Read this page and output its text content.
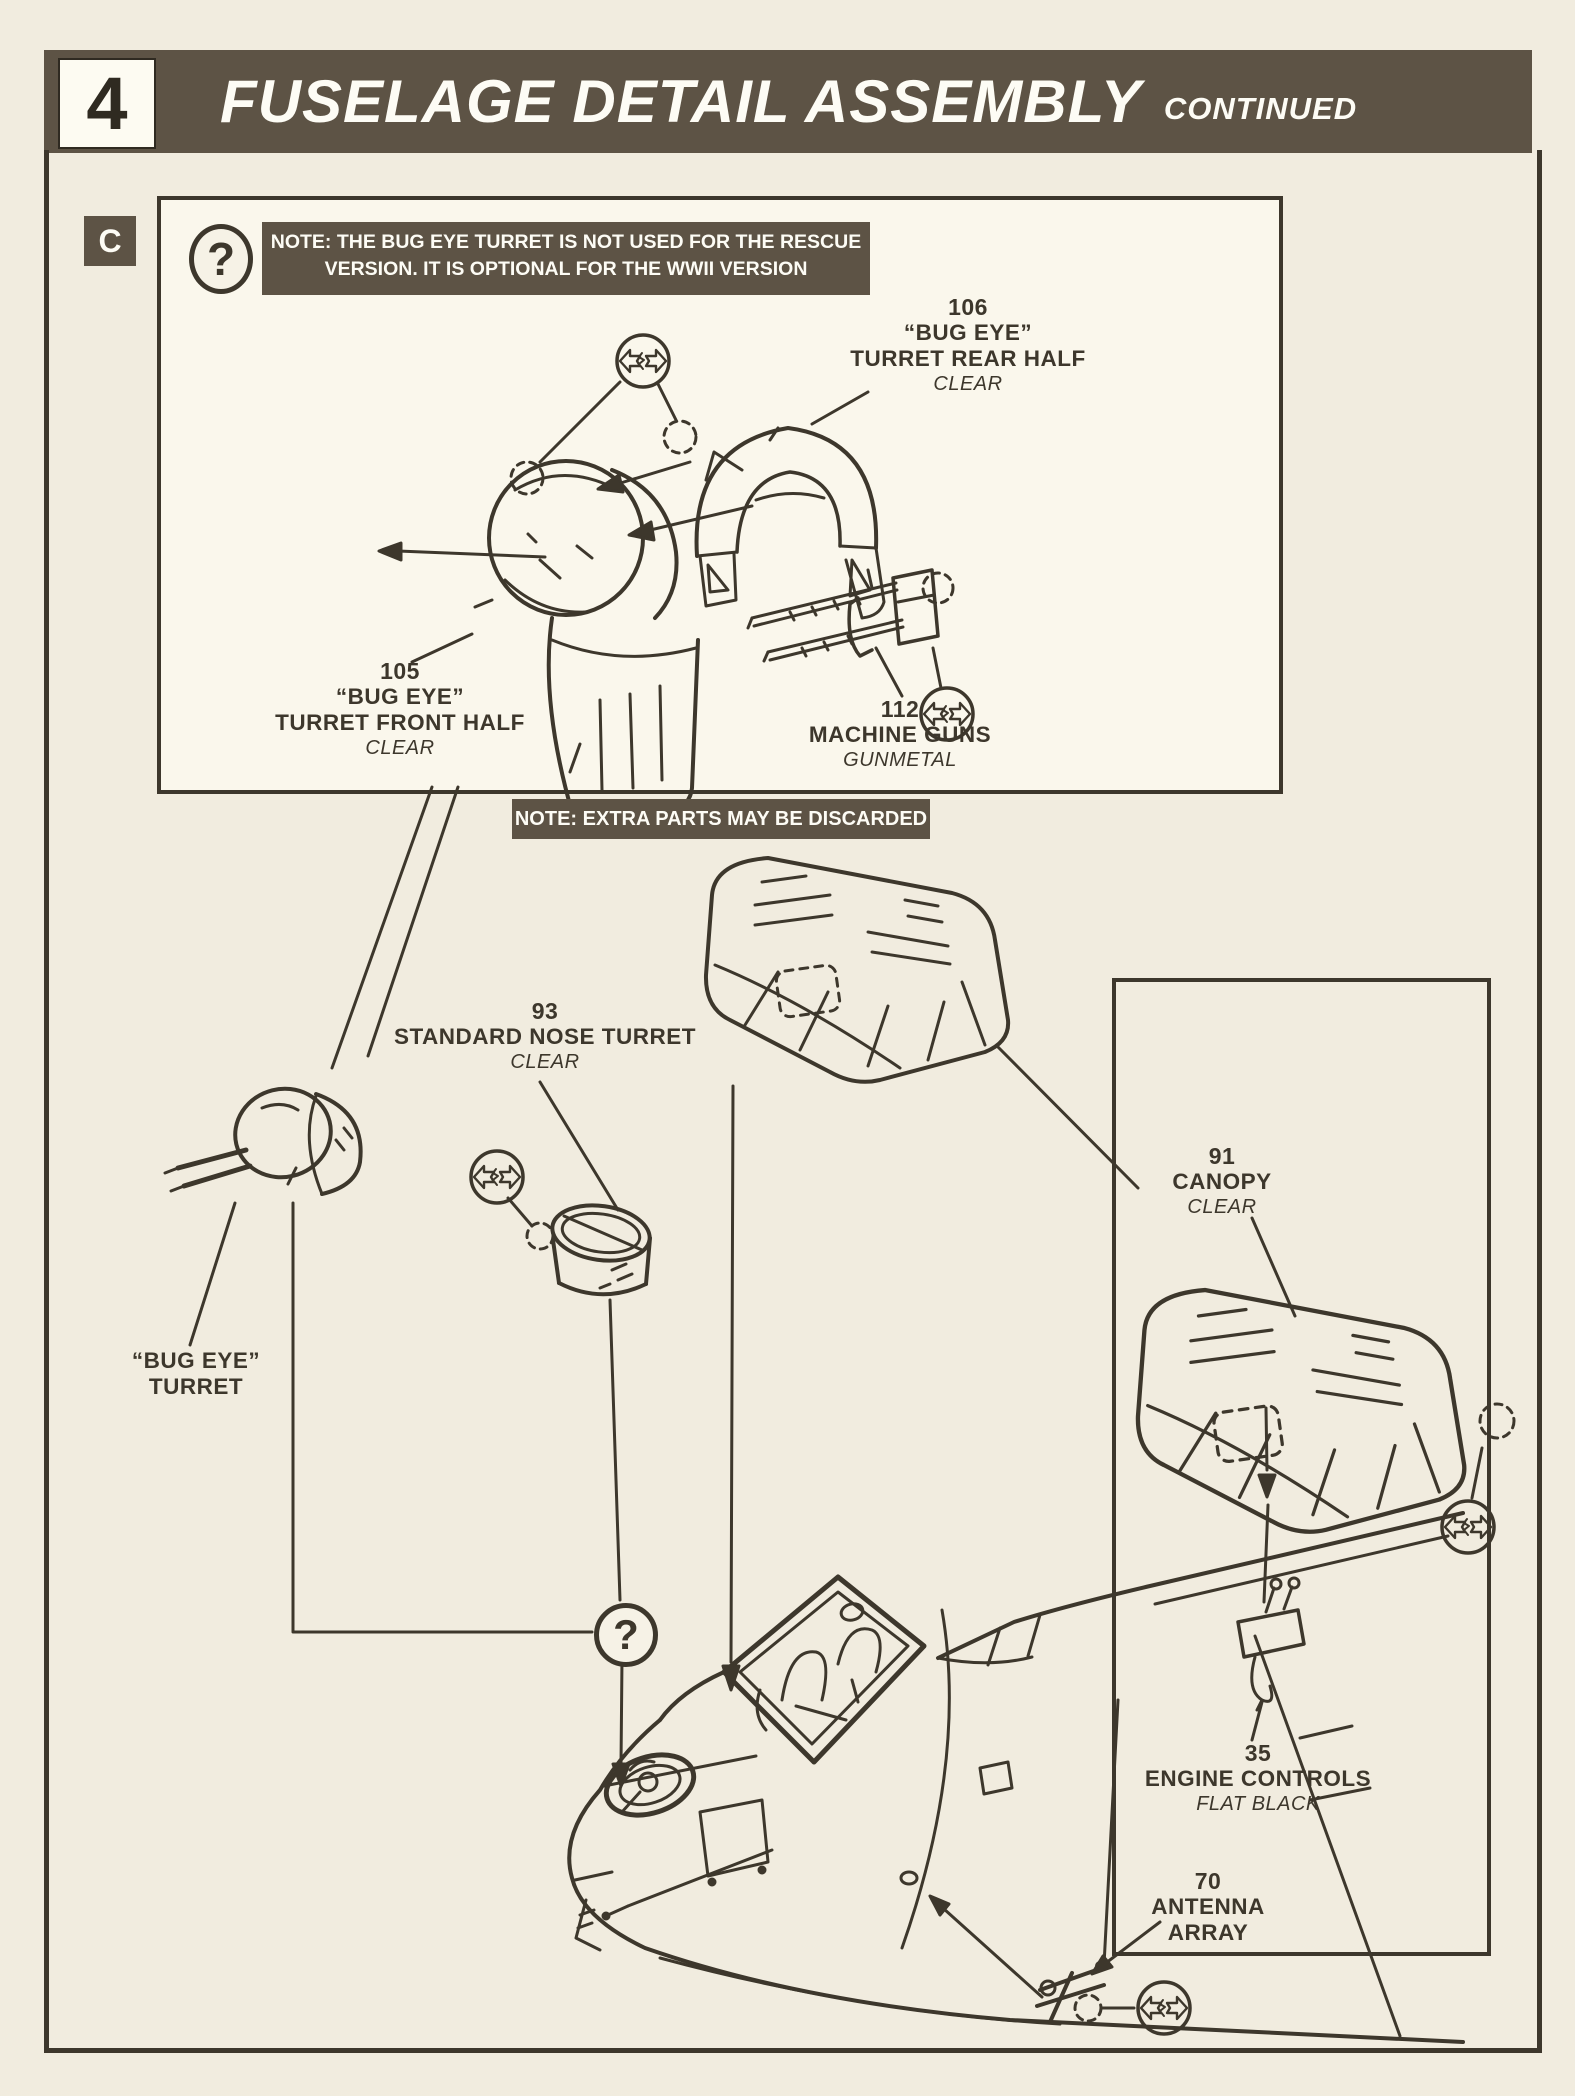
4 FUSELAGE DETAIL ASSEMBLY CONTINUED
C ?
?
NOTE: THE BUG EYE TURRET IS NOT USED FOR THE RESCUE
VERSION. IT IS OPTIONAL FOR THE WWII VERSION
NOTE: EXTRA PARTS MAY BE DISCARDED
106
“BUG EYE”
TURRET REAR HALF
CLEAR
105
“BUG EYE”
TURRET FRONT HALF
CLEAR
112
MACHINE GUNS
GUNMETAL
93
STANDARD NOSE TURRET
CLEAR
“BUG EYE”
TURRET
91
CANOPY
CLEAR
35
ENGINE CONTROLS
FLAT BLACK
70
ANTENNA
ARRAY
